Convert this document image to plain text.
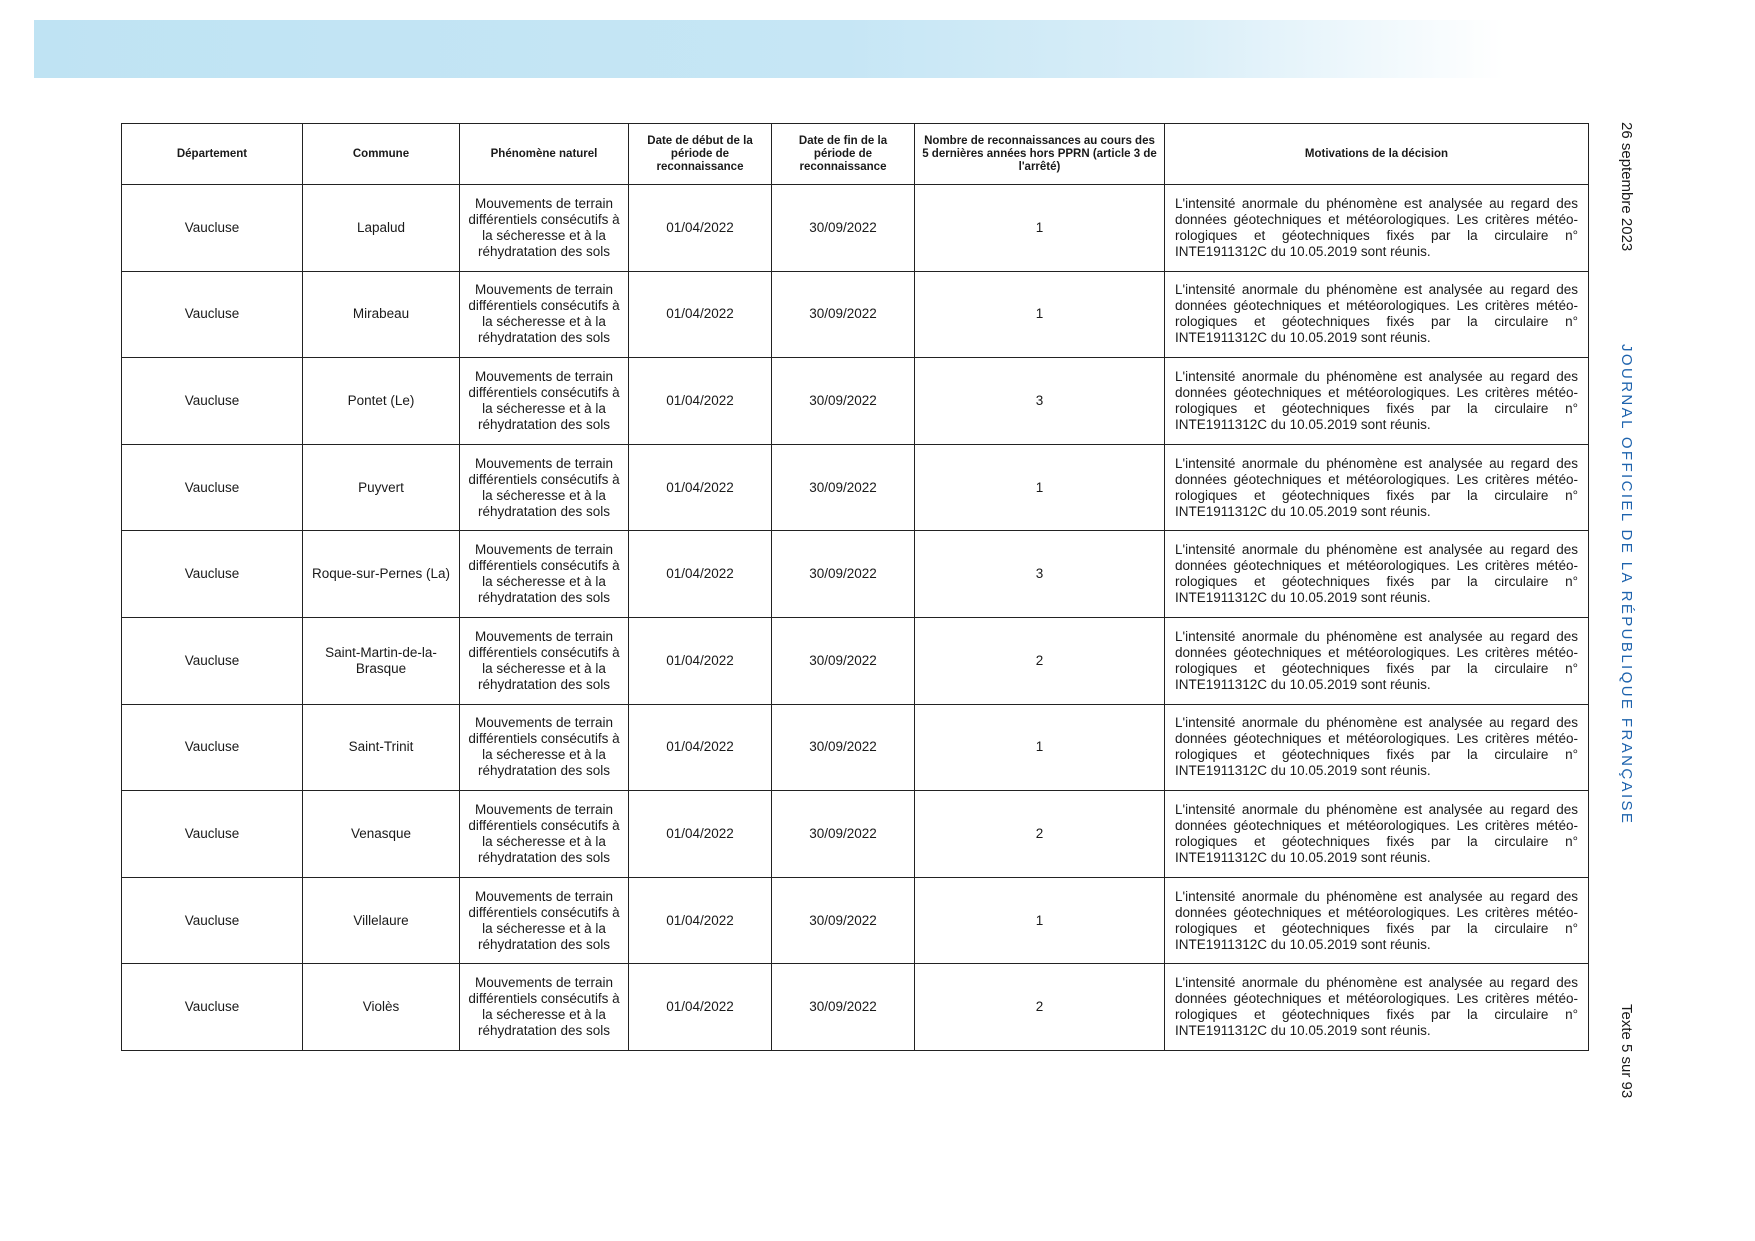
Département	Commune	Phénomène naturel	Date de début de la période de reconnaissance	Date de fin de la période de reconnaissance	Nombre de reconnaissances au cours des 5 dernières années hors PPRN (article 3 de l'arrêté)	Motivations de la décision
Vaucluse	Lapalud	Mouvements de terrain différentiels consécutifs à la sécheresse et à la réhydratation des sols	01/04/2022	30/09/2022	1	L'intensité anormale du phénomène est analysée au regard des données géotechniques et météorologiques. Les critères météo-rologiques et géotechniques fixés par la circulaire n° INTE1911312C du 10.05.2019 sont réunis.
Vaucluse	Mirabeau	Mouvements de terrain différentiels consécutifs à la sécheresse et à la réhydratation des sols	01/04/2022	30/09/2022	1	L'intensité anormale du phénomène est analysée au regard des données géotechniques et météorologiques. Les critères météo-rologiques et géotechniques fixés par la circulaire n° INTE1911312C du 10.05.2019 sont réunis.
Vaucluse	Pontet (Le)	Mouvements de terrain différentiels consécutifs à la sécheresse et à la réhydratation des sols	01/04/2022	30/09/2022	3	L'intensité anormale du phénomène est analysée au regard des données géotechniques et météorologiques. Les critères météo-rologiques et géotechniques fixés par la circulaire n° INTE1911312C du 10.05.2019 sont réunis.
Vaucluse	Puyvert	Mouvements de terrain différentiels consécutifs à la sécheresse et à la réhydratation des sols	01/04/2022	30/09/2022	1	L'intensité anormale du phénomène est analysée au regard des données géotechniques et météorologiques. Les critères météo-rologiques et géotechniques fixés par la circulaire n° INTE1911312C du 10.05.2019 sont réunis.
Vaucluse	Roque-sur-Pernes (La)	Mouvements de terrain différentiels consécutifs à la sécheresse et à la réhydratation des sols	01/04/2022	30/09/2022	3	L'intensité anormale du phénomène est analysée au regard des données géotechniques et météorologiques. Les critères météo-rologiques et géotechniques fixés par la circulaire n° INTE1911312C du 10.05.2019 sont réunis.
Vaucluse	Saint-Martin-de-la-Brasque	Mouvements de terrain différentiels consécutifs à la sécheresse et à la réhydratation des sols	01/04/2022	30/09/2022	2	L'intensité anormale du phénomène est analysée au regard des données géotechniques et météorologiques. Les critères météo-rologiques et géotechniques fixés par la circulaire n° INTE1911312C du 10.05.2019 sont réunis.
Vaucluse	Saint-Trinit	Mouvements de terrain différentiels consécutifs à la sécheresse et à la réhydratation des sols	01/04/2022	30/09/2022	1	L'intensité anormale du phénomène est analysée au regard des données géotechniques et météorologiques. Les critères météo-rologiques et géotechniques fixés par la circulaire n° INTE1911312C du 10.05.2019 sont réunis.
Vaucluse	Venasque	Mouvements de terrain différentiels consécutifs à la sécheresse et à la réhydratation des sols	01/04/2022	30/09/2022	2	L'intensité anormale du phénomène est analysée au regard des données géotechniques et météorologiques. Les critères météo-rologiques et géotechniques fixés par la circulaire n° INTE1911312C du 10.05.2019 sont réunis.
Vaucluse	Villelaure	Mouvements de terrain différentiels consécutifs à la sécheresse et à la réhydratation des sols	01/04/2022	30/09/2022	1	L'intensité anormale du phénomène est analysée au regard des données géotechniques et météorologiques. Les critères météo-rologiques et géotechniques fixés par la circulaire n° INTE1911312C du 10.05.2019 sont réunis.
Vaucluse	Violès	Mouvements de terrain différentiels consécutifs à la sécheresse et à la réhydratation des sols	01/04/2022	30/09/2022	2	L'intensité anormale du phénomène est analysée au regard des données géotechniques et météorologiques. Les critères météo-rologiques et géotechniques fixés par la circulaire n° INTE1911312C du 10.05.2019 sont réunis.
26 septembre 2023
JOURNAL OFFICIEL DE LA RÉPUBLIQUE FRANÇAISE
Texte 5 sur 93
